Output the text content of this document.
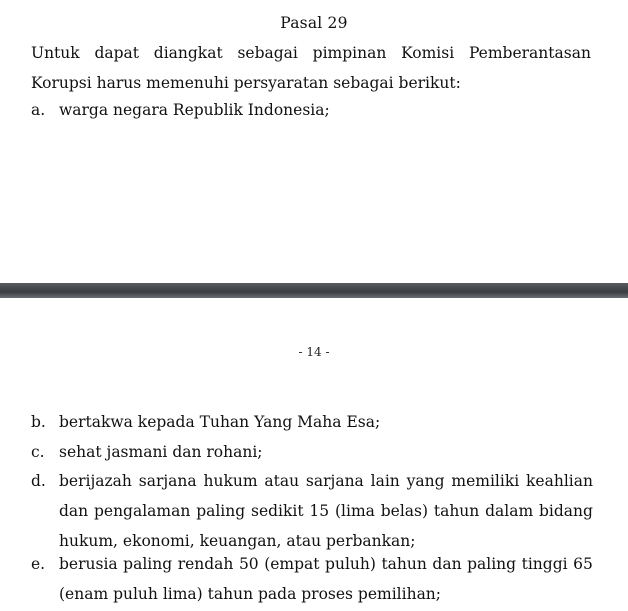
Pasal 29
Untuk dapat diangkat sebagai pimpinan Komisi Pemberantasan
Korupsi harus memenuhi persyaratan sebagai berikut:
a. warga negara Republik Indonesia;
- 14 -
b. bertakwa kepada Tuhan Yang Maha Esa;
c. sehat jasmani dan rohani;
d. berijazah sarjana hukum atau sarjana lain yang memiliki keahlian
dan pengalaman paling sedikit 15 (lima belas) tahun dalam bidang
hukum, ekonomi, keuangan, atau perbankan;
e. berusia paling rendah 50 (empat puluh) tahun dan paling tinggi 65
(enam puluh lima) tahun pada proses pemilihan;
